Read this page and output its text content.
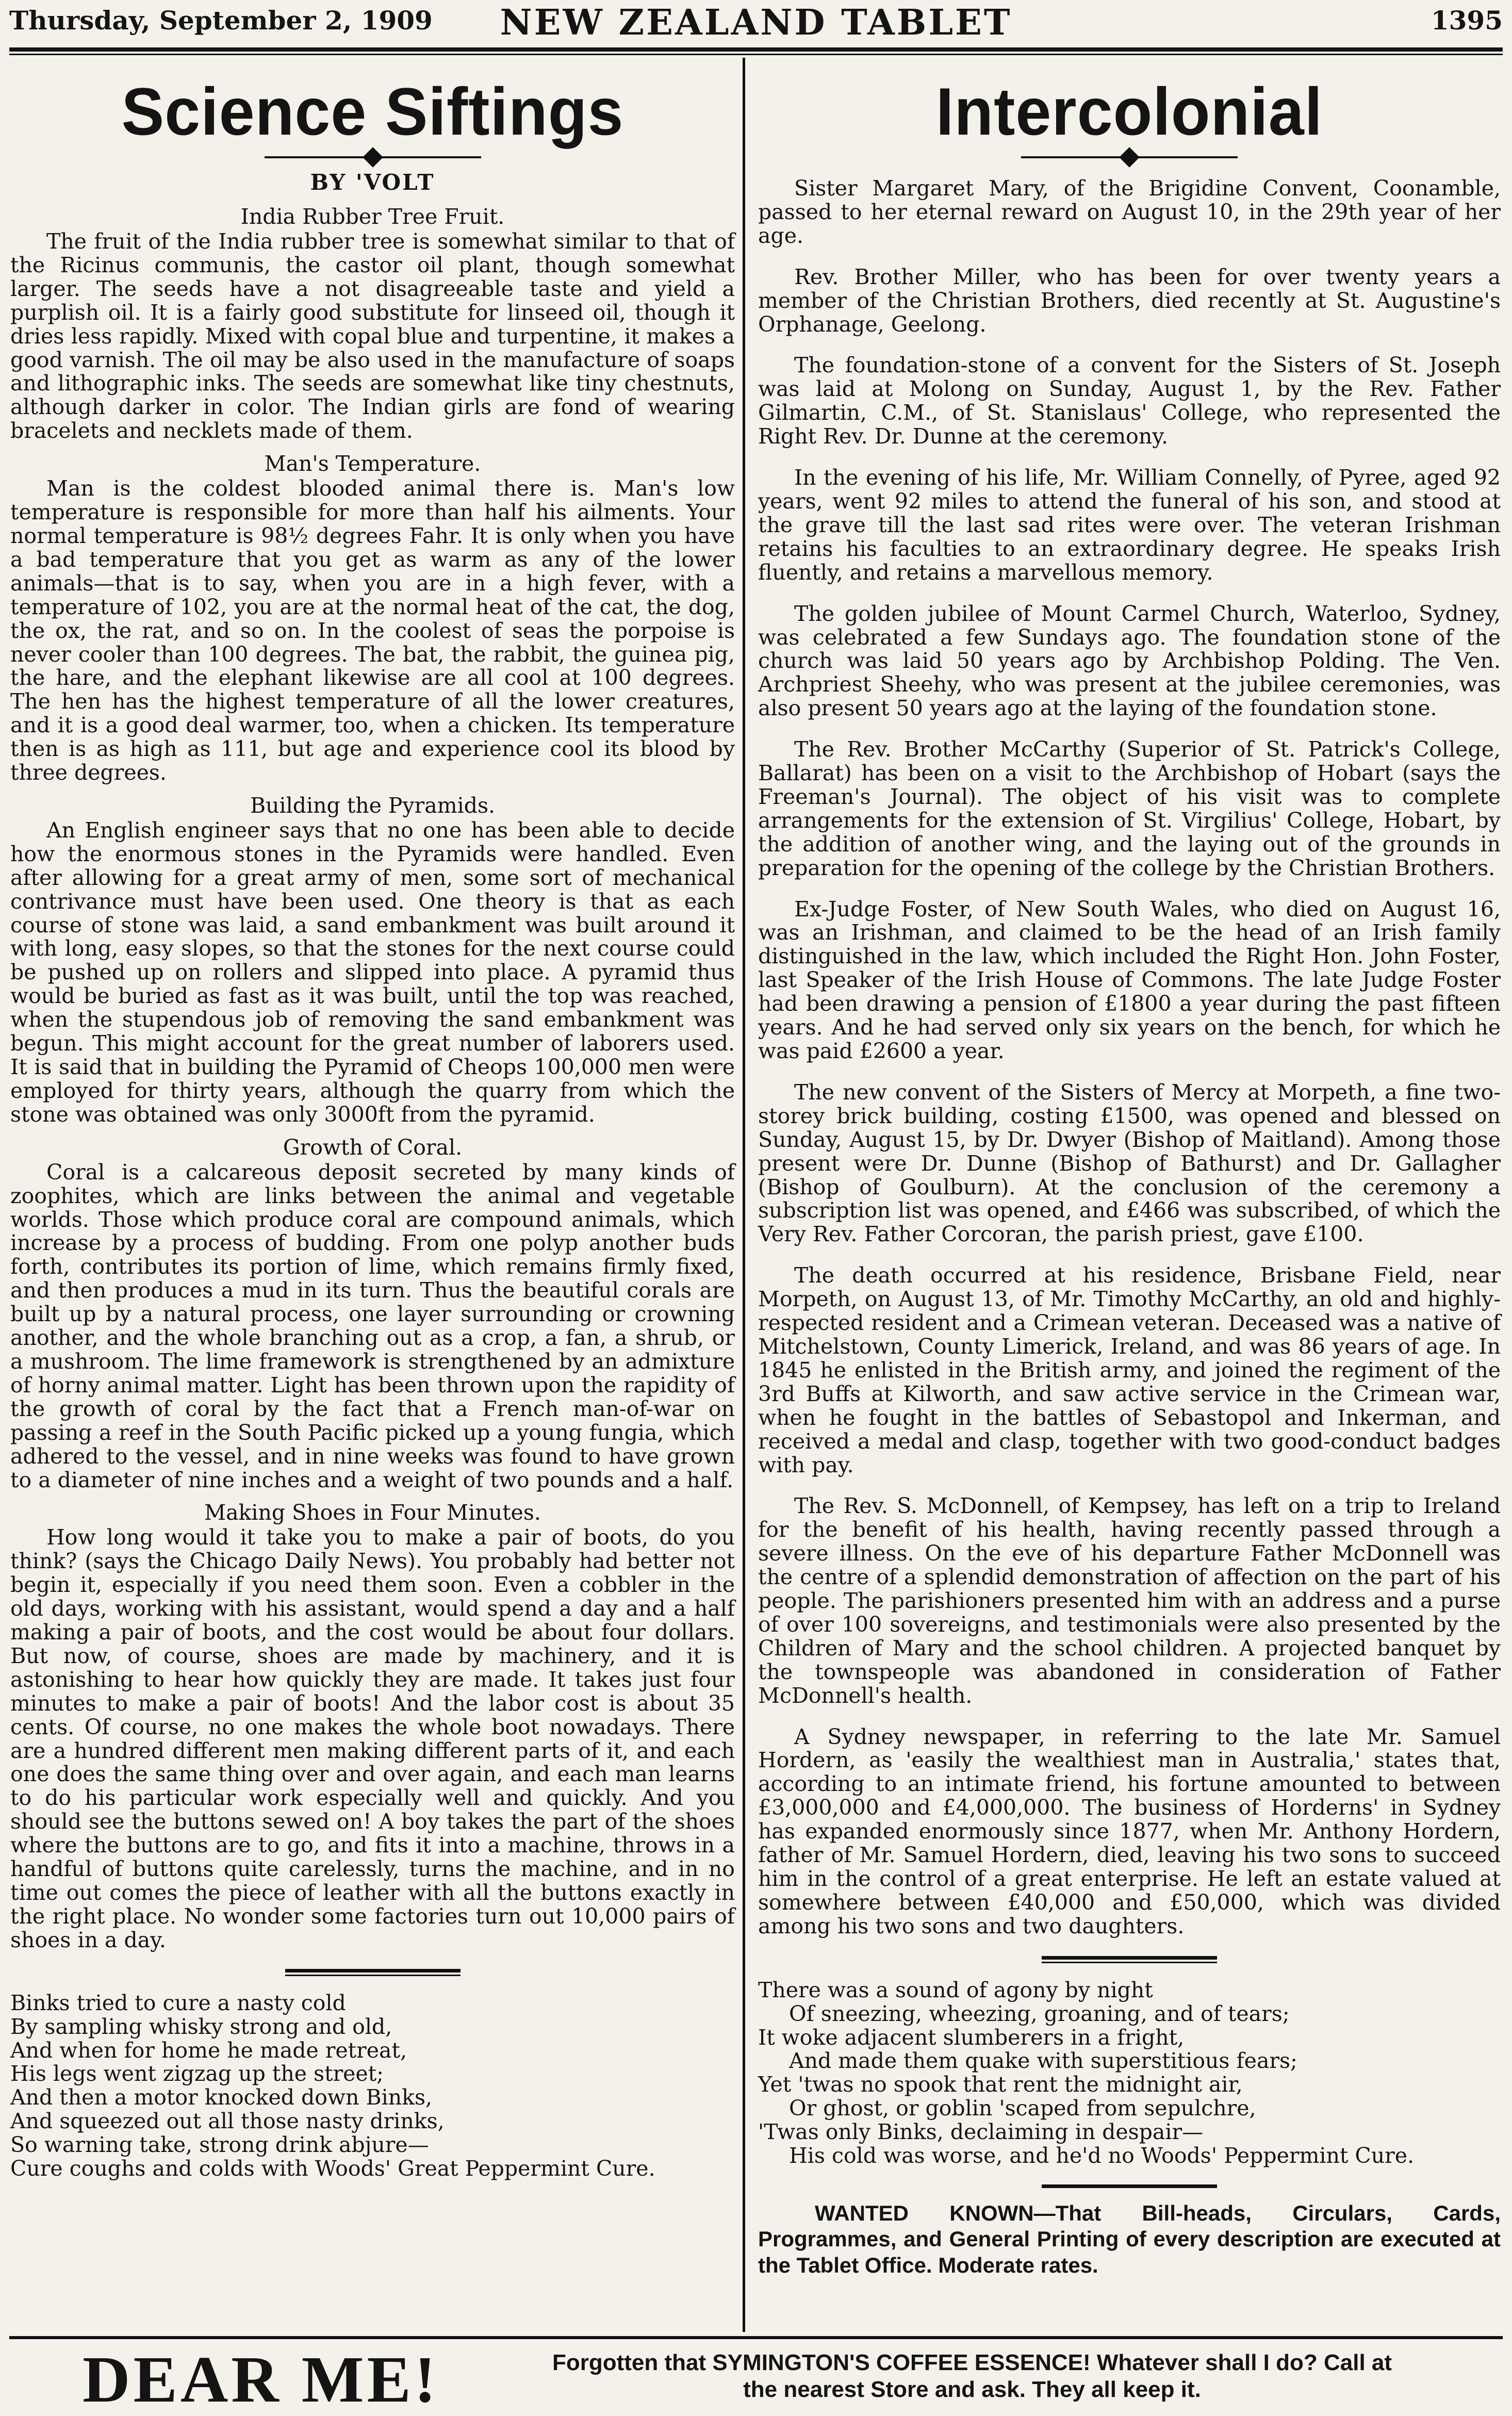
Thursday, September 2, 1909	NEW ZEALAND TABLET	1395
Science Siftings
BY 'VOLT
India Rubber Tree Fruit.

The fruit of the India rubber tree is somewhat similar to that of the Ricinus communis, the castor oil plant, though somewhat larger. The seeds have a not disagreeable taste and yield a purplish oil. It is a fairly good substitute for linseed oil, though it dries less rapidly. Mixed with copal blue and turpentine, it makes a good varnish. The oil may be also used in the manufacture of soaps and lithographic inks. The seeds are somewhat like tiny chestnuts, although darker in color. The Indian girls are fond of wearing bracelets and necklets made of them.

Man's Temperature.

Man is the coldest blooded animal there is. Man's low temperature is responsible for more than half his ailments. Your normal temperature is 98½ degrees Fahr. It is only when you have a bad temperature that you get as warm as any of the lower animals—that is to say, when you are in a high fever, with a temperature of 102, you are at the normal heat of the cat, the dog, the ox, the rat, and so on. In the coolest of seas the porpoise is never cooler than 100 degrees. The bat, the rabbit, the guinea pig, the hare, and the elephant likewise are all cool at 100 degrees. The hen has the highest temperature of all the lower creatures, and it is a good deal warmer, too, when a chicken. Its temperature then is as high as 111, but age and experience cool its blood by three degrees.

Building the Pyramids.

An English engineer says that no one has been able to decide how the enormous stones in the Pyramids were handled. Even after allowing for a great army of men, some sort of mechanical contrivance must have been used. One theory is that as each course of stone was laid, a sand embankment was built around it with long, easy slopes, so that the stones for the next course could be pushed up on rollers and slipped into place. A pyramid thus would be buried as fast as it was built, until the top was reached, when the stupendous job of removing the sand embankment was begun. This might account for the great number of laborers used. It is said that in building the Pyramid of Cheops 100,000 men were employed for thirty years, although the quarry from which the stone was obtained was only 3000ft from the pyramid.

Growth of Coral.

Coral is a calcareous deposit secreted by many kinds of zoophites, which are links between the animal and vegetable worlds. Those which produce coral are compound animals, which increase by a process of budding. From one polyp another buds forth, contributes its portion of lime, which remains firmly fixed, and then produces a mud in its turn. Thus the beautiful corals are built up by a natural process, one layer surrounding or crowning another, and the whole branching out as a crop, a fan, a shrub, or a mushroom. The lime framework is strengthened by an admixture of horny animal matter. Light has been thrown upon the rapidity of the growth of coral by the fact that a French man-of-war on passing a reef in the South Pacific picked up a young fungia, which adhered to the vessel, and in nine weeks was found to have grown to a diameter of nine inches and a weight of two pounds and a half.

Making Shoes in Four Minutes.

How long would it take you to make a pair of boots, do you think? (says the Chicago Daily News). You probably had better not begin it, especially if you need them soon. Even a cobbler in the old days, working with his assistant, would spend a day and a half making a pair of boots, and the cost would be about four dollars. But now, of course, shoes are made by machinery, and it is astonishing to hear how quickly they are made. It takes just four minutes to make a pair of boots! And the labor cost is about 35 cents. Of course, no one makes the whole boot nowadays. There are a hundred different men making different parts of it, and each one does the same thing over and over again, and each man learns to do his particular work especially well and quickly. And you should see the buttons sewed on! A boy takes the part of the shoes where the buttons are to go, and fits it into a machine, throws in a handful of buttons quite carelessly, turns the machine, and in no time out comes the piece of leather with all the buttons exactly in the right place. No wonder some factories turn out 10,000 pairs of shoes in a day.

Binks tried to cure a nasty cold
By sampling whisky strong and old,
And when for home he made retreat,
His legs went zigzag up the street;
And then a motor knocked down Binks,
And squeezed out all those nasty drinks,
So warning take, strong drink abjure—
Cure coughs and colds with Woods' Great Peppermint Cure.
Intercolonial

Sister Margaret Mary, of the Brigidine Convent, Coonamble, passed to her eternal reward on August 10, in the 29th year of her age.

Rev. Brother Miller, who has been for over twenty years a member of the Christian Brothers, died recently at St. Augustine's Orphanage, Geelong.

The foundation-stone of a convent for the Sisters of St. Joseph was laid at Molong on Sunday, August 1, by the Rev. Father Gilmartin, C.M., of St. Stanislaus' College, who represented the Right Rev. Dr. Dunne at the ceremony.

In the evening of his life, Mr. William Connelly, of Pyree, aged 92 years, went 92 miles to attend the funeral of his son, and stood at the grave till the last sad rites were over. The veteran Irishman retains his faculties to an extraordinary degree. He speaks Irish fluently, and retains a marvellous memory.

The golden jubilee of Mount Carmel Church, Waterloo, Sydney, was celebrated a few Sundays ago. The foundation stone of the church was laid 50 years ago by Archbishop Polding. The Ven. Archpriest Sheehy, who was present at the jubilee ceremonies, was also present 50 years ago at the laying of the foundation stone.

The Rev. Brother McCarthy (Superior of St. Patrick's College, Ballarat) has been on a visit to the Archbishop of Hobart (says the Freeman's Journal). The object of his visit was to complete arrangements for the extension of St. Virgilius' College, Hobart, by the addition of another wing, and the laying out of the grounds in preparation for the opening of the college by the Christian Brothers.

Ex-Judge Foster, of New South Wales, who died on August 16, was an Irishman, and claimed to be the head of an Irish family distinguished in the law, which included the Right Hon. John Foster, last Speaker of the Irish House of Commons. The late Judge Foster had been drawing a pension of £1800 a year during the past fifteen years. And he had served only six years on the bench, for which he was paid £2600 a year.

The new convent of the Sisters of Mercy at Morpeth, a fine two-storey brick building, costing £1500, was opened and blessed on Sunday, August 15, by Dr. Dwyer (Bishop of Maitland). Among those present were Dr. Dunne (Bishop of Bathurst) and Dr. Gallagher (Bishop of Goulburn). At the conclusion of the ceremony a subscription list was opened, and £466 was subscribed, of which the Very Rev. Father Corcoran, the parish priest, gave £100.

The death occurred at his residence, Brisbane Field, near Morpeth, on August 13, of Mr. Timothy McCarthy, an old and highly-respected resident and a Crimean veteran. Deceased was a native of Mitchelstown, County Limerick, Ireland, and was 86 years of age. In 1845 he enlisted in the British army, and joined the regiment of the 3rd Buffs at Kilworth, and saw active service in the Crimean war, when he fought in the battles of Sebastopol and Inkerman, and received a medal and clasp, together with two good-conduct badges with pay.

The Rev. S. McDonnell, of Kempsey, has left on a trip to Ireland for the benefit of his health, having recently passed through a severe illness. On the eve of his departure Father McDonnell was the centre of a splendid demonstration of affection on the part of his people. The parishioners presented him with an address and a purse of over 100 sovereigns, and testimonials were also presented by the Children of Mary and the school children. A projected banquet by the townspeople was abandoned in consideration of Father McDonnell's health.

A Sydney newspaper, in referring to the late Mr. Samuel Hordern, as 'easily the wealthiest man in Australia,' states that, according to an intimate friend, his fortune amounted to between £3,000,000 and £4,000,000. The business of Horderns' in Sydney has expanded enormously since 1877, when Mr. Anthony Hordern, father of Mr. Samuel Hordern, died, leaving his two sons to succeed him in the control of a great enterprise. He left an estate valued at somewhere between £40,000 and £50,000, which was divided among his two sons and two daughters.

There was a sound of agony by night
Of sneezing, wheezing, groaning, and of tears;
It woke adjacent slumberers in a fright,
And made them quake with superstitious fears;
Yet 'twas no spook that rent the midnight air,
Or ghost, or goblin 'scaped from sepulchre,
'Twas only Binks, declaiming in despair—
His cold was worse, and he'd no Woods' Peppermint Cure.
WANTED KNOWN—That Bill-heads, Circulars, Cards, Programmes, and General Printing of every description are executed at the Tablet Office. Moderate rates.
DEAR ME!	Forgotten that SYMINGTON'S COFFEE ESSENCE! Whatever shall I do? Call at
the nearest Store and ask. They all keep it.
